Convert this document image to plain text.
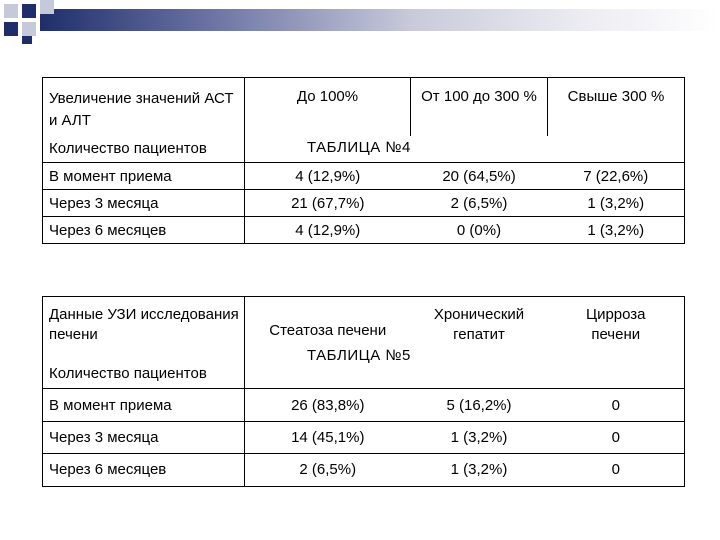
Увеличение значений АСТ и АЛТ	До 100%	От 100 до 300 %	Свыше 300 %
Количество пациентов			
В момент приема	4 (12,9%)	20 (64,5%)	7 (22,6%)
Через 3 месяца	21 (67,7%)	2 (6,5%)	1 (3,2%)
Через 6 месяцев	4 (12,9%)	0 (0%)	1 (3,2%)
ТАБЛИЦА №4
Данные УЗИ исследования печени	Стеатоза печени	Хронический гепатит	Цирроза печени
Количество пациентов			
В момент приема	26 (83,8%)	5 (16,2%)	0
Через 3 месяца	14 (45,1%)	1 (3,2%)	0
Через 6 месяцев	2 (6,5%)	1 (3,2%)	0
ТАБЛИЦА №5
